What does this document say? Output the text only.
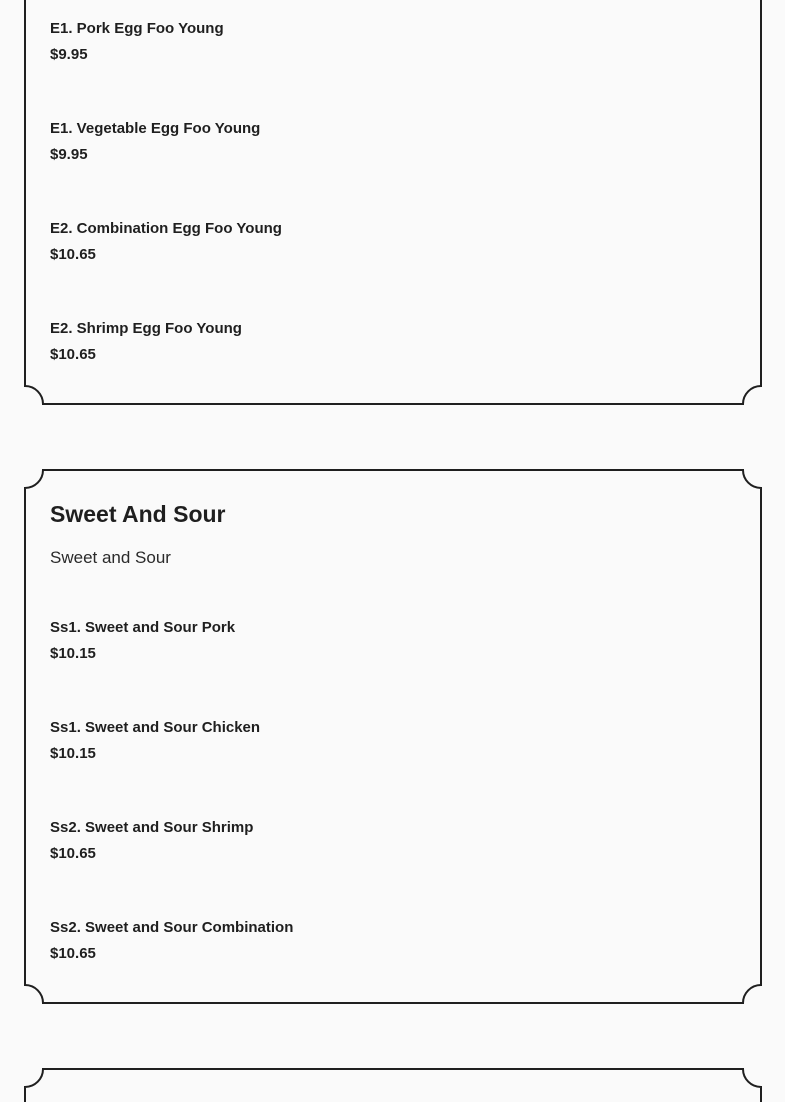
E1. Pork Egg Foo Young
$9.95
E1. Vegetable Egg Foo Young
$9.95
E2. Combination Egg Foo Young
$10.65
E2. Shrimp Egg Foo Young
$10.65
Sweet And Sour
Sweet and Sour
Ss1. Sweet and Sour Pork
$10.15
Ss1. Sweet and Sour Chicken
$10.15
Ss2. Sweet and Sour Shrimp
$10.65
Ss2. Sweet and Sour Combination
$10.65
